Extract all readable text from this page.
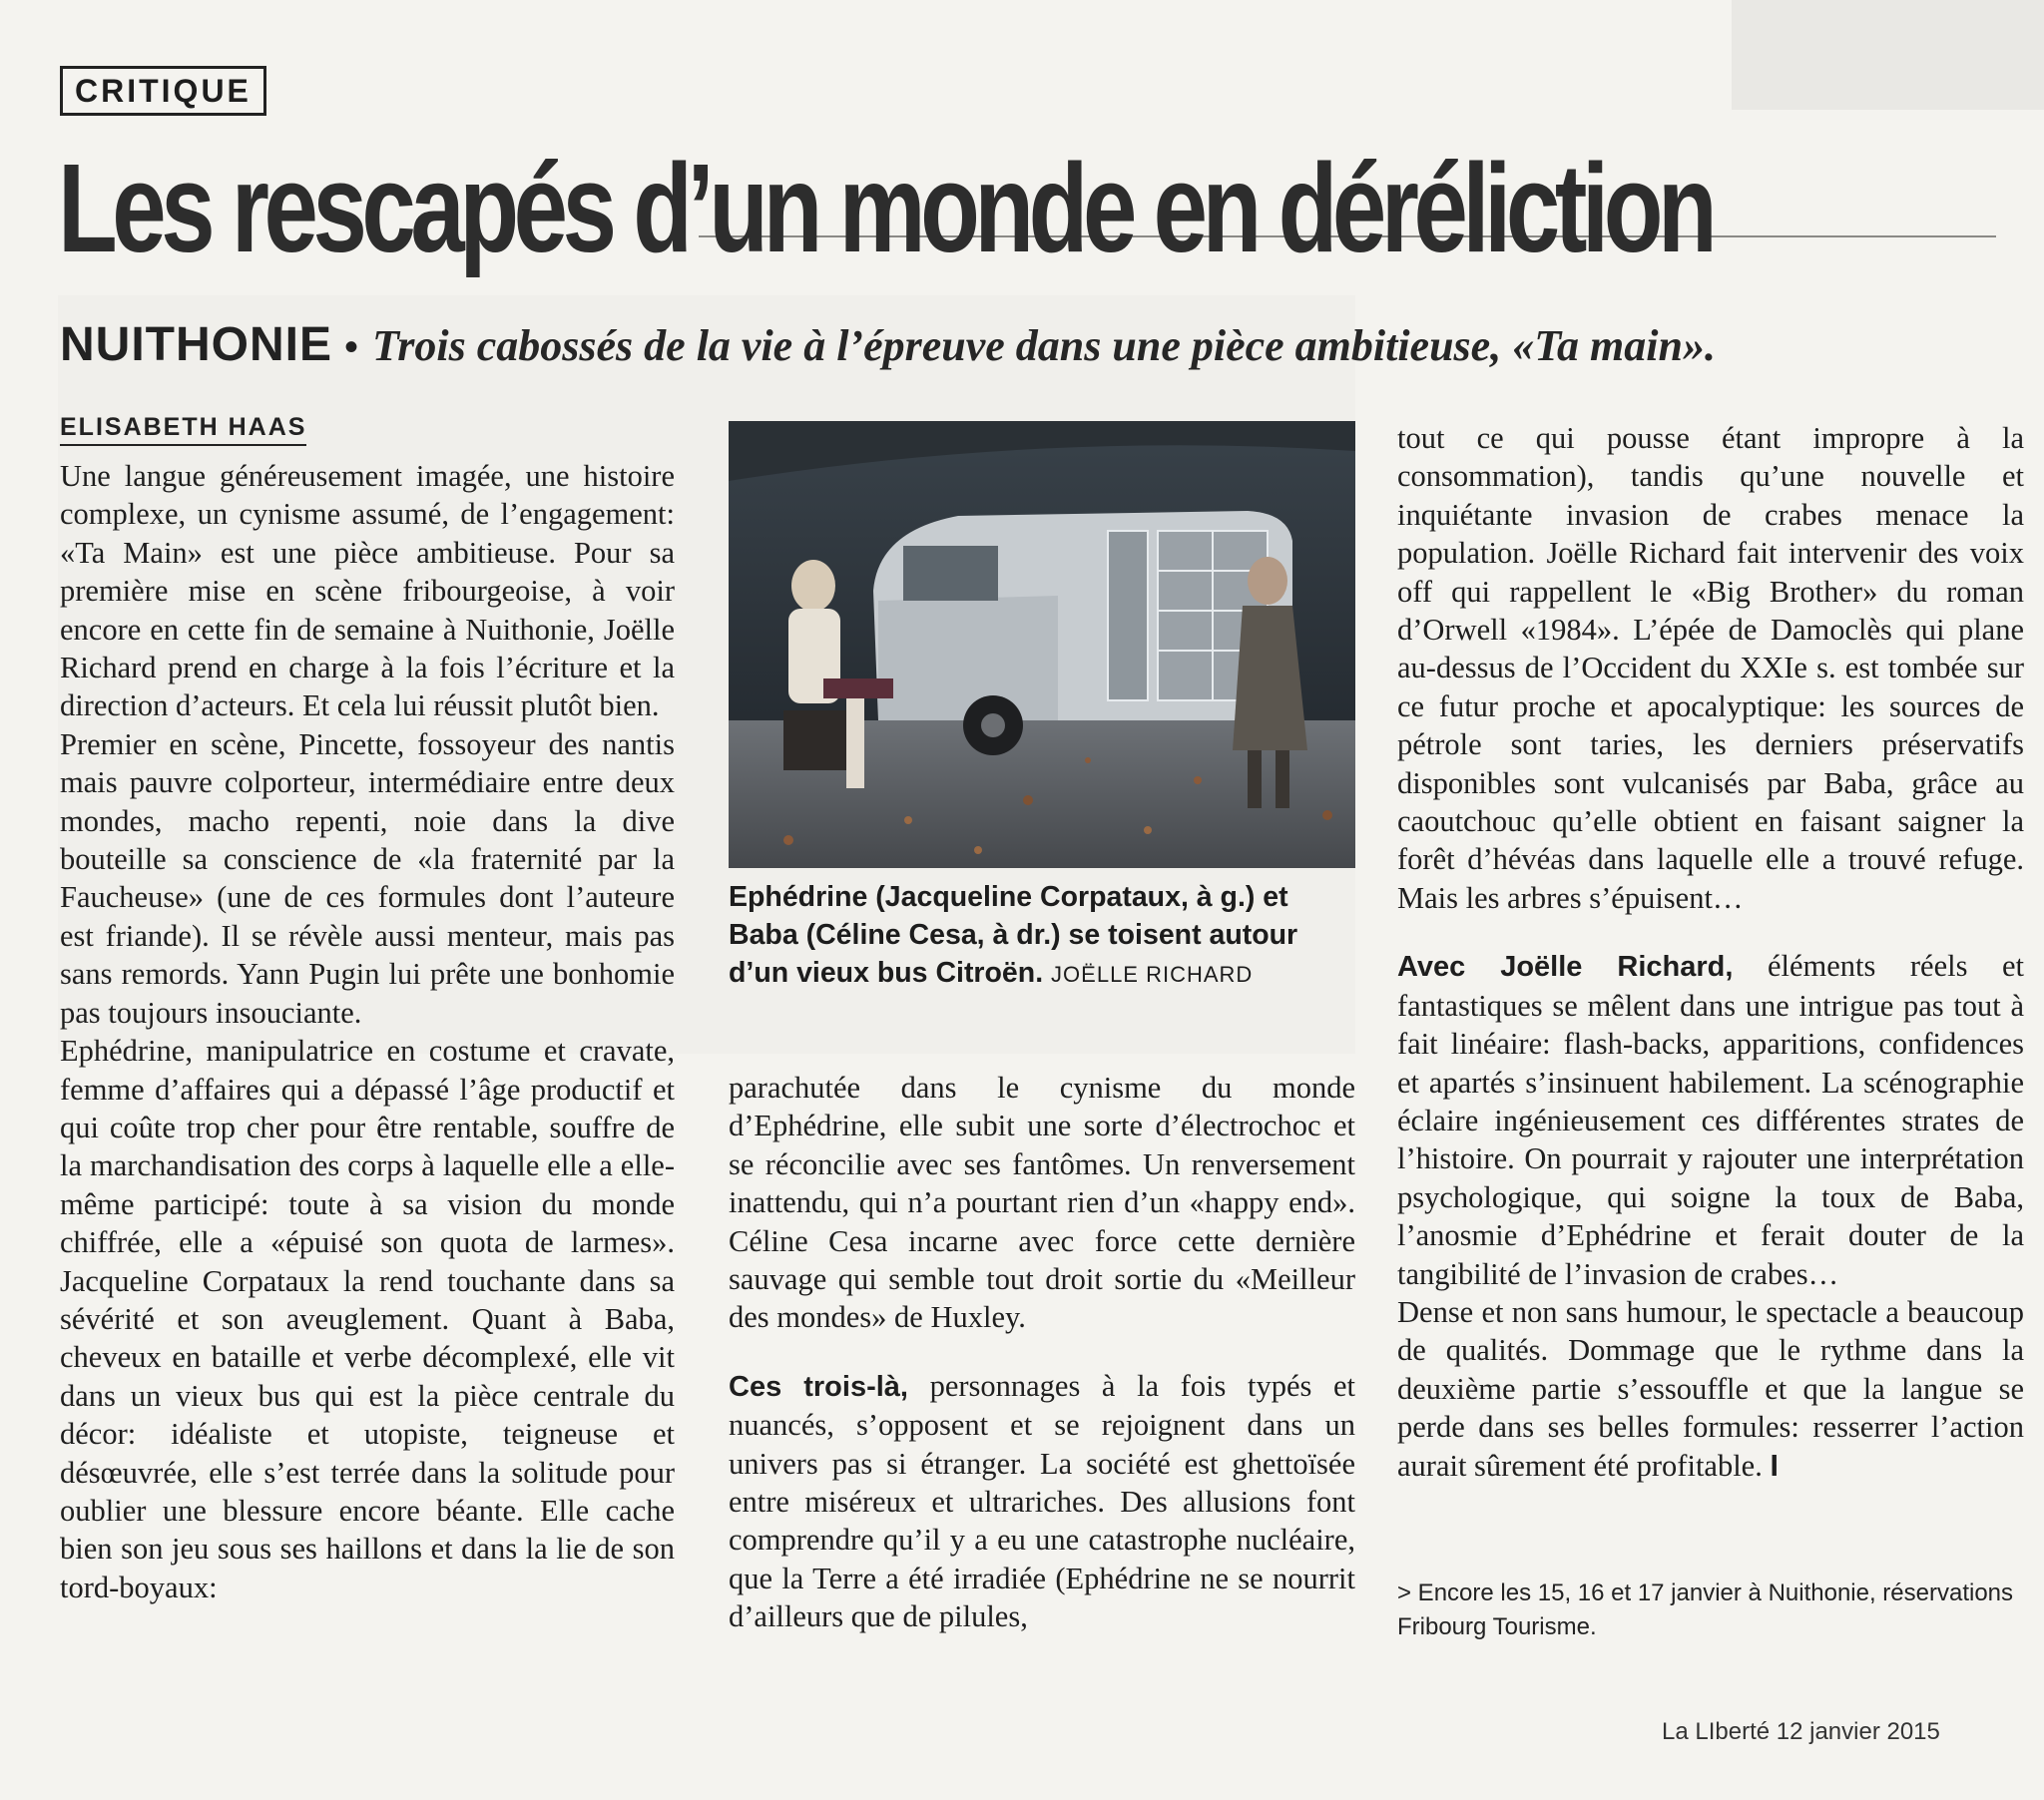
CRITIQUE
Les rescapés d’un monde en déréliction
NUITHONIE • Trois cabossés de la vie à l’épreuve dans une pièce ambitieuse, «Ta main».
ELISABETH HAAS

Une langue généreusement imagée, une histoire complexe, un cynisme assumé, de l’engagement: «Ta Main» est une pièce ambitieuse. Pour sa première mise en scène fribourgeoise, à voir encore en cette fin de semaine à Nuithonie, Joëlle Richard prend en charge à la fois l’écriture et la direction d’acteurs. Et cela lui réussit plutôt bien.

Premier en scène, Pincette, fossoyeur des nantis mais pauvre colporteur, intermédiaire entre deux mondes, macho repenti, noie dans la dive bouteille sa conscience de «la fraternité par la Faucheuse» (une de ces formules dont l’auteure est friande). Il se révèle aussi menteur, mais pas sans remords. Yann Pugin lui prête une bonhomie pas toujours insouciante.

Ephédrine, manipulatrice en costume et cravate, femme d’affaires qui a dépassé l’âge productif et qui coûte trop cher pour être rentable, souffre de la marchandisation des corps à laquelle elle a elle-même participé: toute à sa vision du monde chiffrée, elle a «épuisé son quota de larmes». Jacqueline Corpataux la rend touchante dans sa sévérité et son aveuglement. Quant à Baba, cheveux en bataille et verbe décomplexé, elle vit dans un vieux bus qui est la pièce centrale du décor: idéaliste et utopiste, teigneuse et désœuvrée, elle s’est terrée dans la solitude pour oublier une blessure encore béante. Elle cache bien son jeu sous ses haillons et dans la lie de son tord-boyaux:

Ephédrine (Jacqueline Corpataux, à g.) et Baba (Céline Cesa, à dr.) se toisent autour d’un vieux bus Citroën. JOËLLE RICHARD

parachutée dans le cynisme du monde d’Ephédrine, elle subit une sorte d’électrochoc et se réconcilie avec ses fantômes. Un renversement inattendu, qui n’a pourtant rien d’un «happy end». Céline Cesa incarne avec force cette dernière sauvage qui semble tout droit sortie du «Meilleur des mondes» de Huxley.

Ces trois-là, personnages à la fois typés et nuancés, s’opposent et se rejoignent dans un univers pas si étranger. La société est ghettoïsée entre miséreux et ultrariches. Des allusions font comprendre qu’il y a eu une catastrophe nucléaire, que la Terre a été irradiée (Ephédrine ne se nourrit d’ailleurs que de pilules,

tout ce qui pousse étant impropre à la consommation), tandis qu’une nouvelle et inquiétante invasion de crabes menace la population. Joëlle Richard fait intervenir des voix off qui rappellent le «Big Brother» du roman d’Orwell «1984». L’épée de Damoclès qui plane au-dessus de l’Occident du XXIe s. est tombée sur ce futur proche et apocalyptique: les sources de pétrole sont taries, les derniers préservatifs disponibles sont vulcanisés par Baba, grâce au caoutchouc qu’elle obtient en faisant saigner la forêt d’hévéas dans laquelle elle a trouvé refuge. Mais les arbres s’épuisent…

Avec Joëlle Richard, éléments réels et fantastiques se mêlent dans une intrigue pas tout à fait linéaire: flash-backs, apparitions, confidences et apartés s’insinuent habilement. La scénographie éclaire ingénieusement ces différentes strates de l’histoire. On pourrait y rajouter une interprétation psychologique, qui soigne la toux de Baba, l’anosmie d’Ephédrine et ferait douter de la tangibilité de l’invasion de crabes…

Dense et non sans humour, le spectacle a beaucoup de qualités. Dommage que le rythme dans la deuxième partie s’essouffle et que la langue se perde dans ses belles formules: resserrer l’action aurait sûrement été profitable. I

> Encore les 15, 16 et 17 janvier à Nuithonie, réservations Fribourg Tourisme.
La LIberté 12 janvier 2015
